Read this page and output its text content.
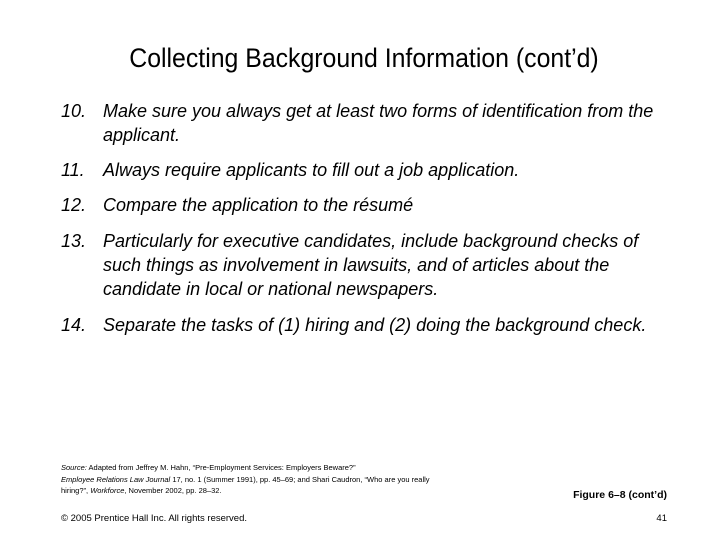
Collecting Background Information (cont’d)
10. Make sure you always get at least two forms of identification from the applicant.
11. Always require applicants to fill out a job application.
12. Compare the application to the résumé
13. Particularly for executive candidates, include background checks of such things as involvement in lawsuits, and of articles about the candidate in local or national newspapers.
14. Separate the tasks of (1) hiring and (2) doing the background check.
Source: Adapted from Jeffrey M. Hahn, “Pre-Employment Services: Employers Beware?”
Employee Relations Law Journal 17, no. 1 (Summer 1991), pp. 45–69; and Shari Caudron, “Who are you really hiring?”, Workforce, November 2002, pp. 28–32.	Figure 6–8 (cont’d)
© 2005 Prentice Hall Inc. All rights reserved.	41
